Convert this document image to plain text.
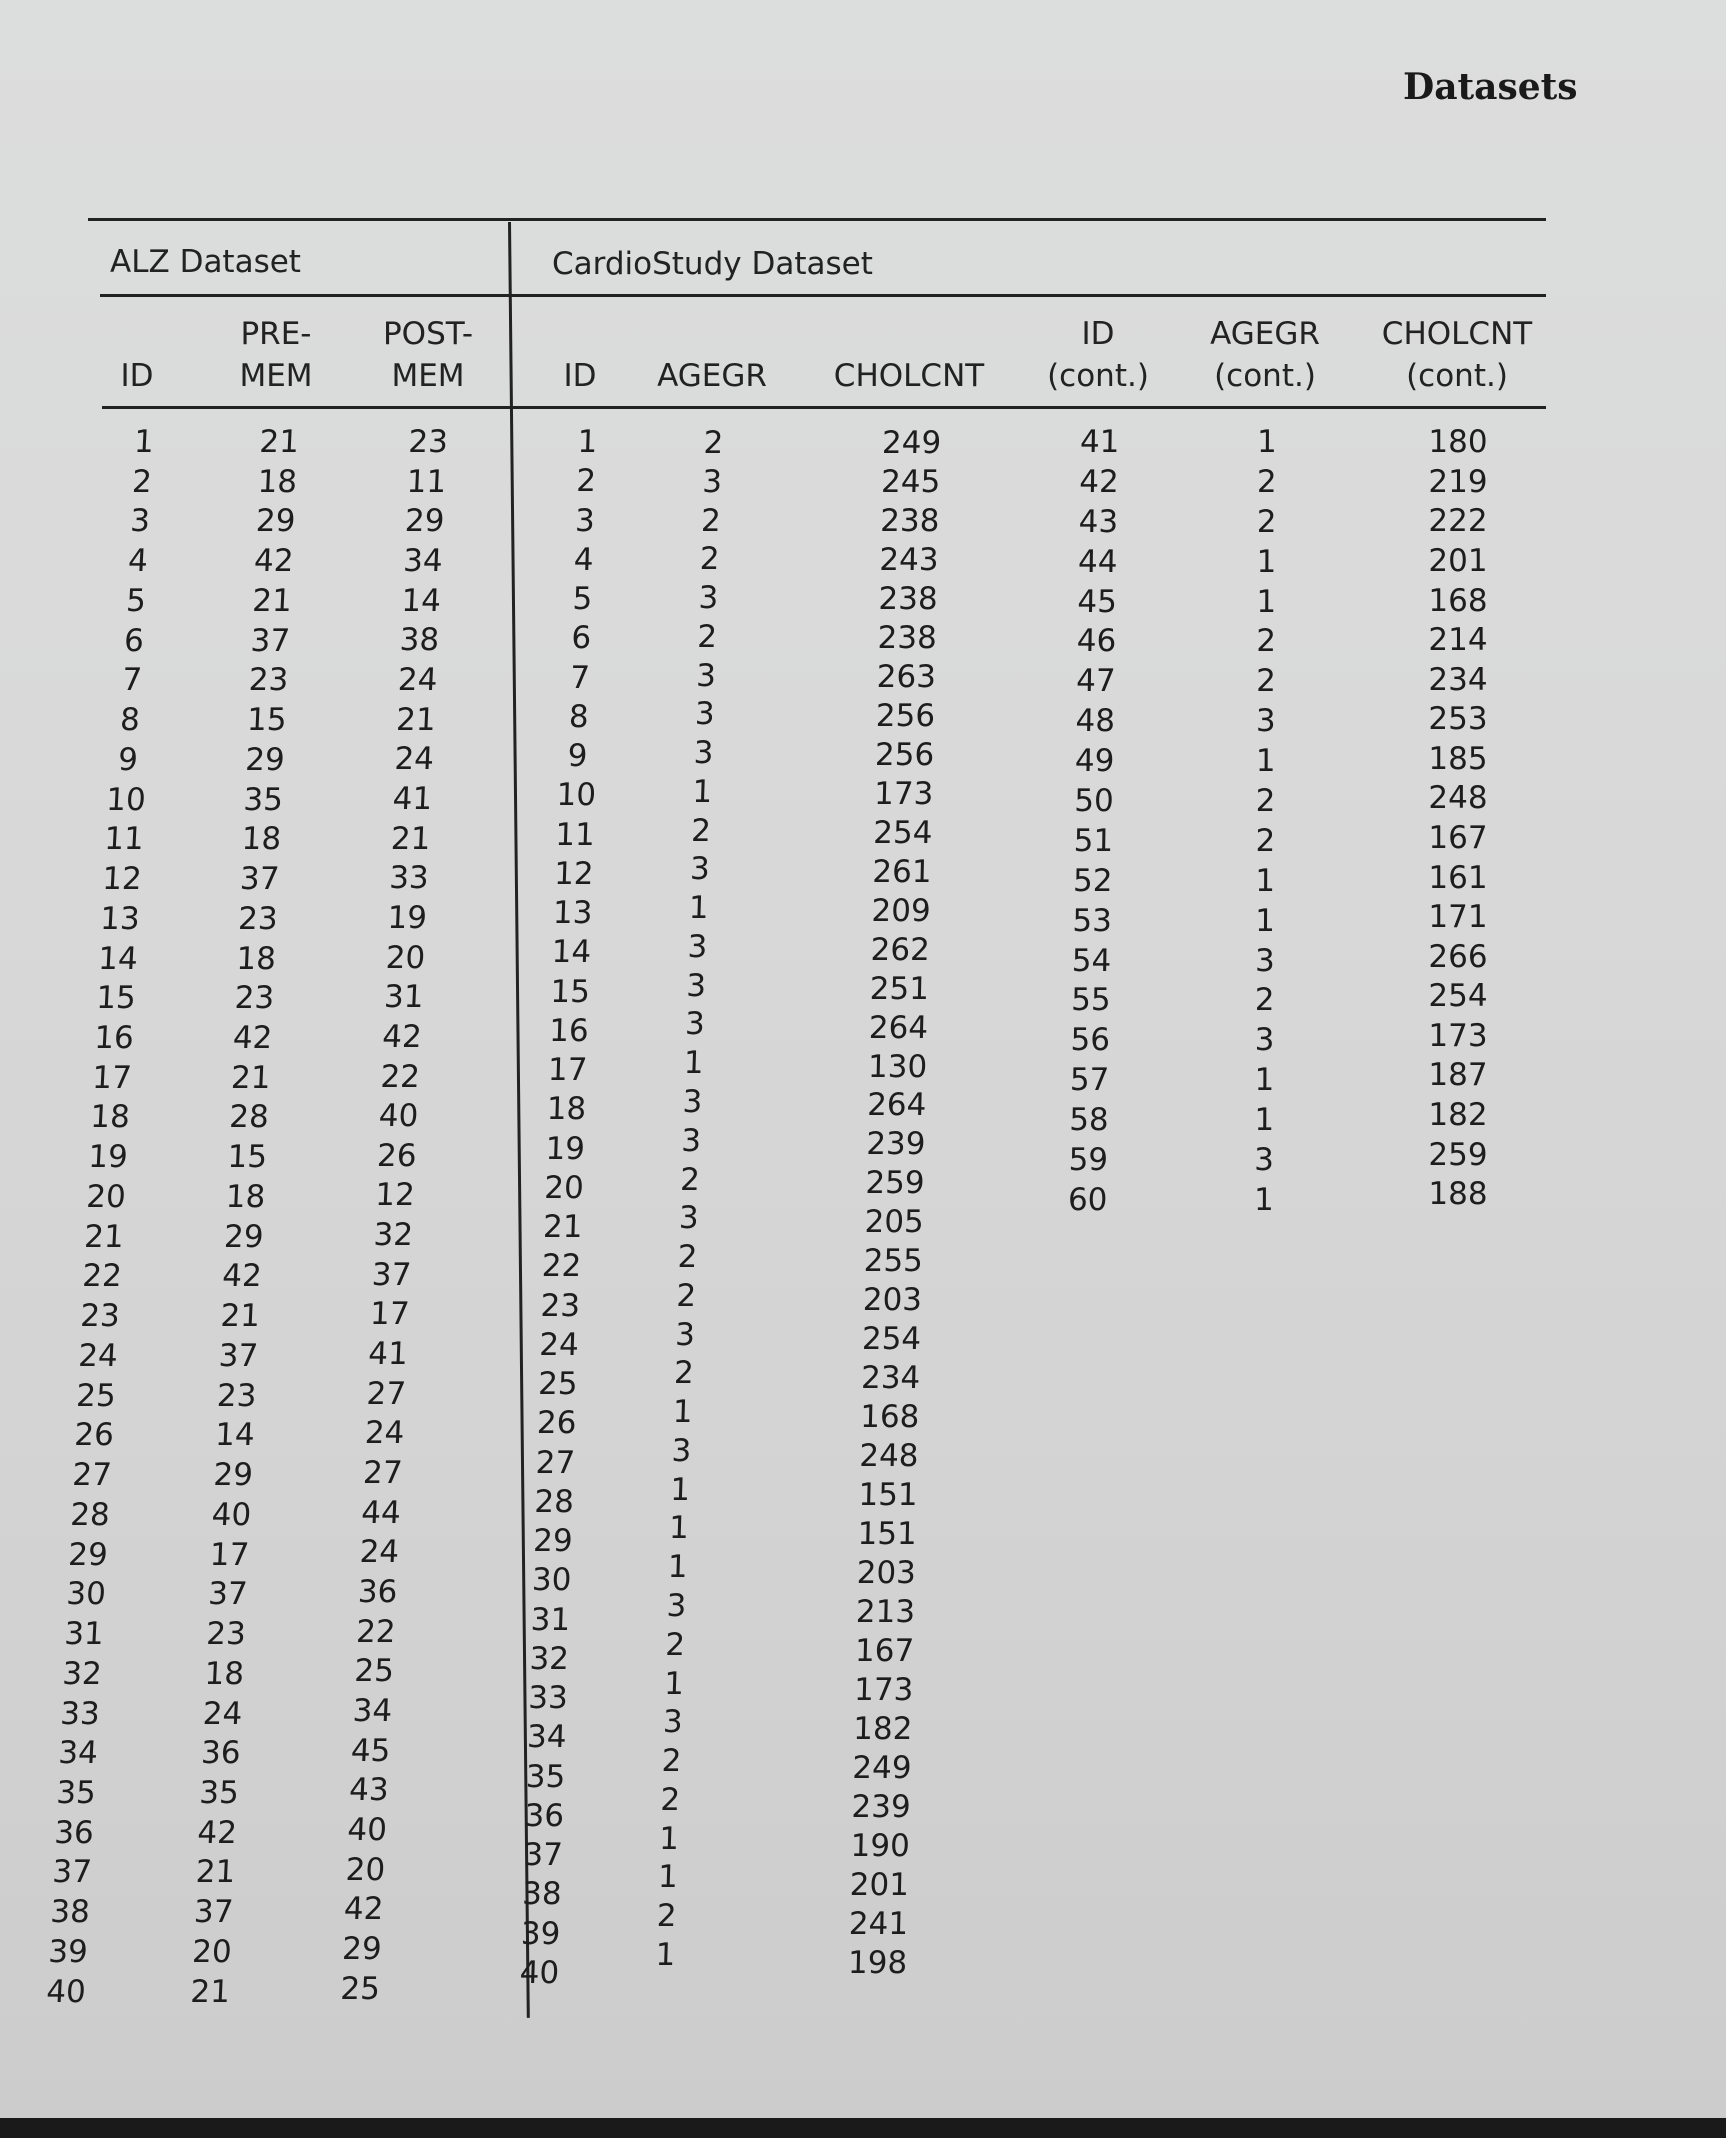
Datasets
ALZ Dataset	CardioStudy Dataset
ID
PRE-
MEM
POST-
MEM	ID AGEGR CHOLCNT
ID
(cont.)
AGEGR
(cont.)
CHOLCNT
(cont.)
1
2
3
4
5
6
7
8
9
10
11
12
13
14
15
16
17
18
19
20
21
22
23
24
25
26
27
28
29
30
31
32
33
34
35
36
37
38
39
40
21
18
29
42
21
37
23
15
29
35
18
37
23
18
23
42
21
28
15
18
29
42
21
37
23
14
29
40
17
37
23
18
24
36
35
42
21
37
20
21
23
11
29
34
14
38
24
21
24
41
21
33
19
20
31
42
22
40
26
12
32
37
17
41
27
24
27
44
24
36
22
25
34
45
43
40
20
42
29
25
1
2
3
4
5
6
7
8
9
10
11
12
13
14
15
16
17
18
19
20
21
22
23
24
25
26
27
28
29
30
31
32
33
34
35
36
37
38
39
40
2
3
2
2
3
2
3
3
3
1
2
3
1
3
3
3
1
3
3
2
3
2
2
3
2
1
3
1
1
1
3
2
1
3
2
2
1
1
2
1
249
245
238
243
238
238
263
256
256
173
254
261
209
262
251
264
130
264
239
259
205
255
203
254
234
168
248
151
151
203
213
167
173
182
249
239
190
201
241
198
41
42
43
44
45
46
47
48
49
50
51
52
53
54
55
56
57
58
59
60
1
2
2
1
1
2
2
3
1
2
2
1
1
3
2
3
1
1
3
1
180
219
222
201
168
214
234
253
185
248
167
161
171
266
254
173
187
182
259
188
